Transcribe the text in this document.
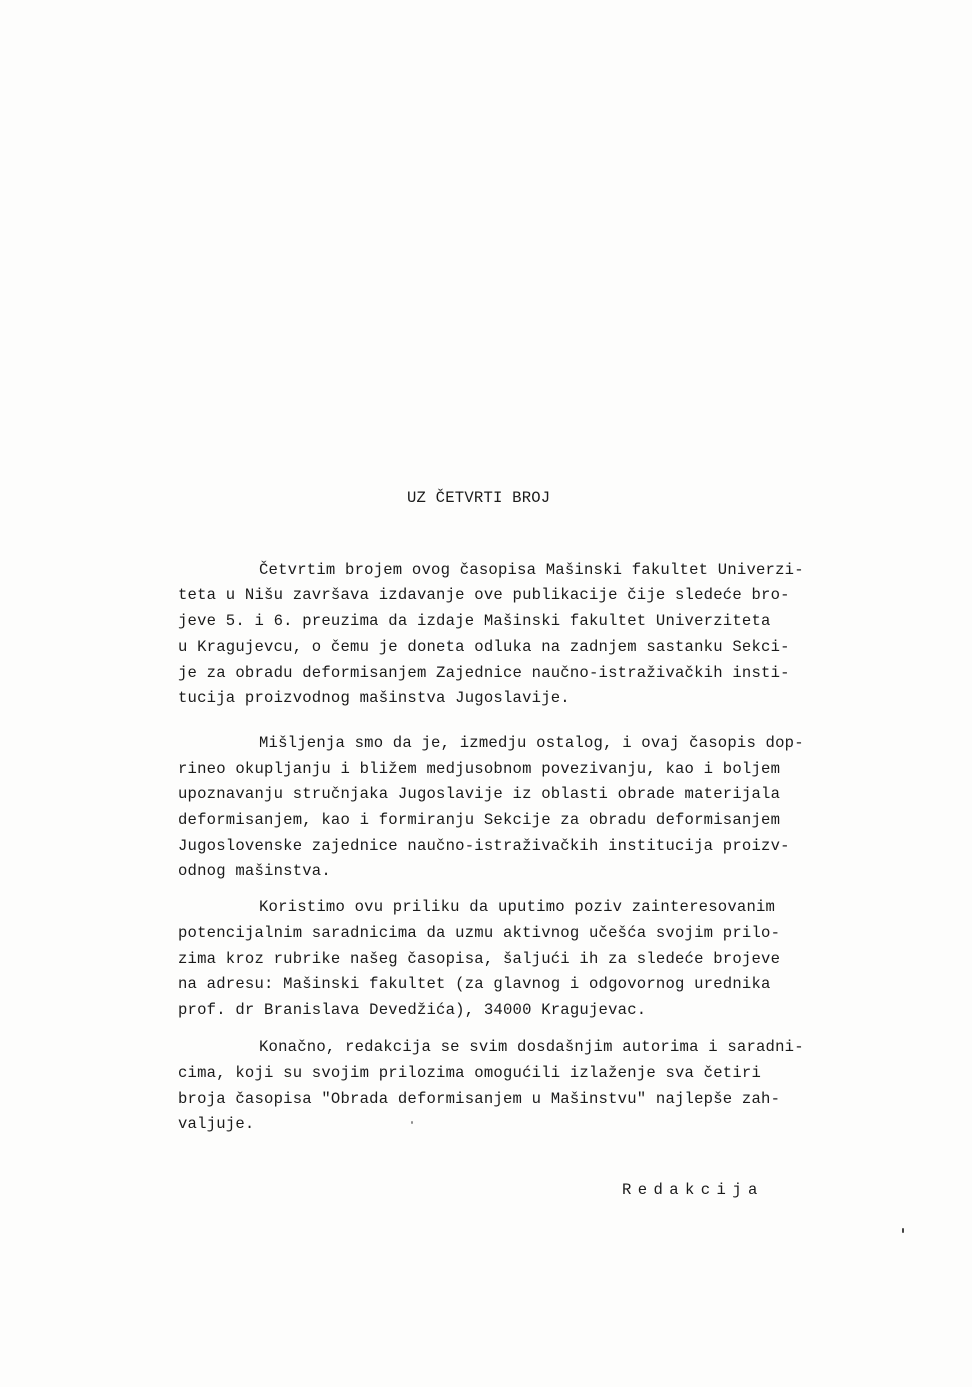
UZ ČETVRTI BROJ
Četvrtim brojem ovog časopisa Mašinski fakultet Univerzi-
teta u Nišu završava izdavanje ove publikacije čije sledeće bro-
jeve 5. i 6. preuzima da izdaje Mašinski fakultet Univerziteta
u Kragujevcu, o čemu je doneta odluka na zadnjem sastanku Sekci-
je za obradu deformisanjem Zajednice naučno-istraživačkih insti-
tucija proizvodnog mašinstva Jugoslavije.
Mišljenja smo da je, izmedju ostalog, i ovaj časopis dop-
rineo okupljanju i bližem medjusobnom povezivanju, kao i boljem
upoznavanju stručnjaka Jugoslavije iz oblasti obrade materijala
deformisanjem, kao i formiranju Sekcije za obradu deformisanjem
Jugoslovenske zajednice naučno-istraživačkih institucija proizv-
odnog mašinstva.
Koristimo ovu priliku da uputimo poziv zainteresovanim
potencijalnim saradnicima da uzmu aktivnog učešća svojim prilo-
zima kroz rubrike našeg časopisa, šaljući ih za sledeće brojeve
na adresu: Mašinski fakultet (za glavnog i odgovornog urednika
prof. dr Branislava Devedžića), 34000 Kragujevac.
Konačno, redakcija se svim dosdašnjim autorima i saradni-
cima, koji su svojim prilozima omogućili izlaženje sva četiri
broja časopisa "Obrada deformisanjem u Mašinstvu" najlepše zah-
valjuje.
Redakcija
